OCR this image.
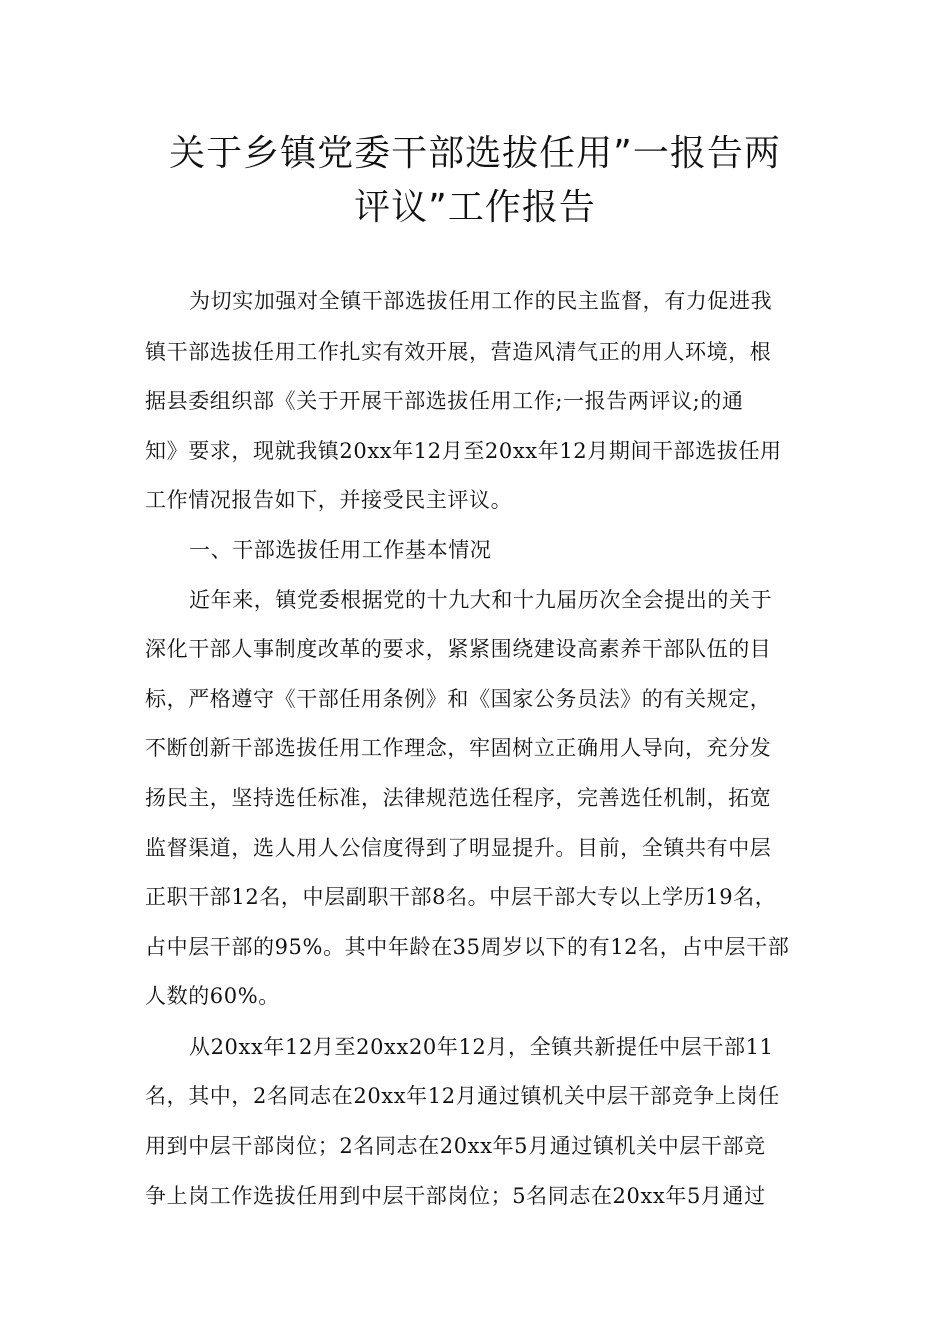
关于乡镇党委干部选拔任用”一报告两
评议”工作报告
为切实加强对全镇干部选拔任用工作的民主监督，有力促进我
镇干部选拔任用工作扎实有效开展，营造风清气正的用人环境，根
据县委组织部《关于开展干部选拔任用工作;一报告两评议;的通
知》要求，现就我镇20xx年12月至20xx年12月期间干部选拔任用
工作情况报告如下，并接受民主评议。
一、干部选拔任用工作基本情况
近年来，镇党委根据党的十九大和十九届历次全会提出的关于
深化干部人事制度改革的要求，紧紧围绕建设高素养干部队伍的目
标，严格遵守《干部任用条例》和《国家公务员法》的有关规定，
不断创新干部选拔任用工作理念，牢固树立正确用人导向，充分发
扬民主，坚持选任标准，法律规范选任程序，完善选任机制，拓宽
监督渠道，选人用人公信度得到了明显提升。目前，全镇共有中层
正职干部12名，中层副职干部8名。中层干部大专以上学历19名，
占中层干部的95%。其中年龄在35周岁以下的有12名，占中层干部
人数的60%。
从20xx年12月至20xx20年12月，全镇共新提任中层干部11
名，其中，2名同志在20xx年12月通过镇机关中层干部竞争上岗任
用到中层干部岗位；2名同志在20xx年5月通过镇机关中层干部竞
争上岗工作选拔任用到中层干部岗位；5名同志在20xx年5月通过
